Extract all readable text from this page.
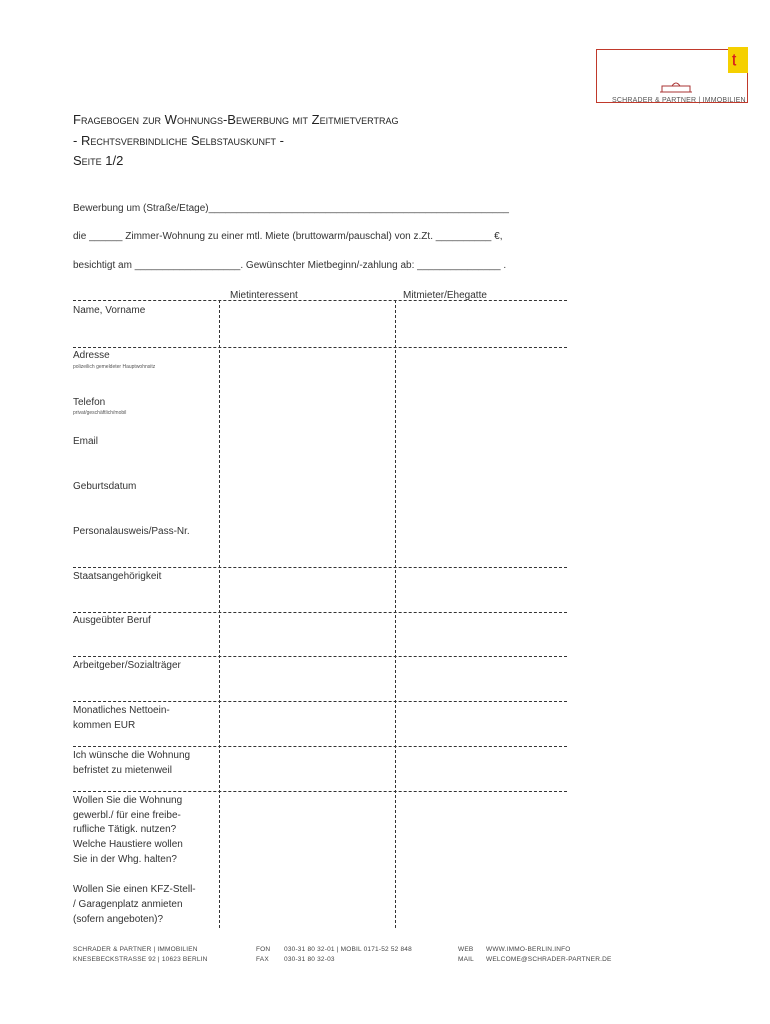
ʈ
SCHRADER & PARTNER | IMMOBILIEN
Fragebogen zur Wohnungs-Bewerbung mit Zeitmietvertrag
- Rechtsverbindliche Selbstauskunft -
Seite 1/2
Bewerbung um (Straße/Etage)______________________________________________________
die ______ Zimmer-Wohnung zu einer mtl. Miete (bruttowarm/pauschal) von z.Zt. __________ €,
besichtigt am ___________________. Gewünschter Mietbeginn/-zahlung ab: _______________ .
Mietinteressent	Mitmieter/Ehegatte
Name, Vorname
Adresse
polizeilich gemeldeter Hauptwohnsitz
Telefon
privat/geschäftlich/mobil
Email
Geburtsdatum
Personalausweis/Pass-Nr.
Staatsangehörigkeit
Ausgeübter Beruf
Arbeitgeber/Sozialträger
Monatliches Nettoein-
kommen EUR
Ich wünsche die Wohnung
befristet zu mietenweil
Wollen Sie die Wohnung
gewerbl./ für eine freibe-
rufliche Tätigk. nutzen?
Welche Haustiere wollen
Sie in der Whg. halten?
Wollen Sie einen KFZ-Stell-
/ Garagenplatz anmieten
(sofern angeboten)?
SCHRADER & PARTNER | IMMOBILIEN
KNESEBECKSTRASSE 92 | 10623 BERLIN
FON 030-31 80 32-01 | MOBIL 0171-52 52 848
FAX 030-31 80 32-03
WEB WWW.IMMO-BERLIN.INFO
MAIL WELCOME@SCHRADER-PARTNER.DE
